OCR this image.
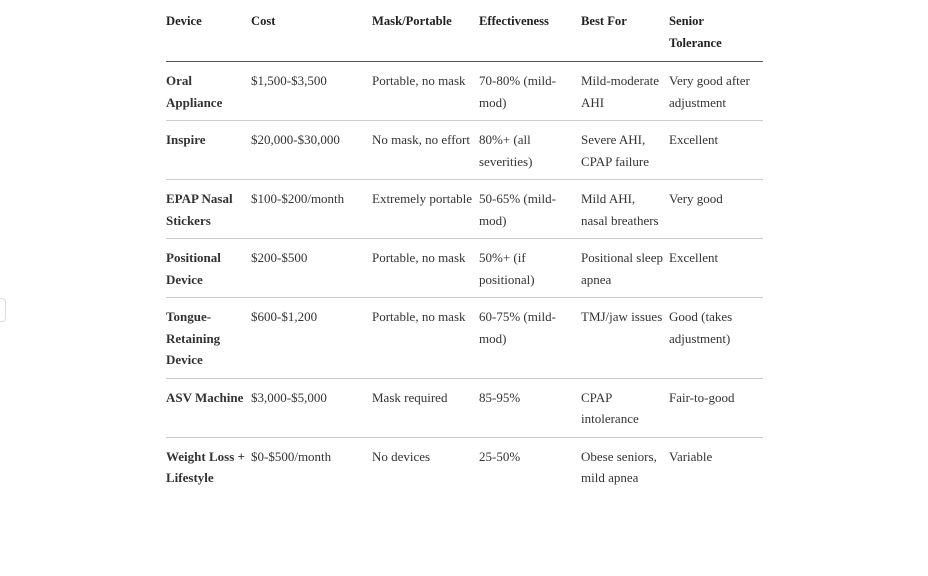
Device	Cost	Mask/Portable	Effectiveness	Best For	Senior Tolerance
Oral Appliance	$1,500-$3,500	Portable, no mask	70-80% (mild-mod)	Mild-moderate AHI	Very good after adjustment
Inspire	$20,000-$30,000	No mask, no effort	80%+ (all severities)	Severe AHI, CPAP failure	Excellent
EPAP Nasal Stickers	$100-$200/month	Extremely portable	50-65% (mild-mod)	Mild AHI, nasal breathers	Very good
Positional Device	$200-$500	Portable, no mask	50%+ (if positional)	Positional sleep apnea	Excellent
Tongue-Retaining Device	$600-$1,200	Portable, no mask	60-75% (mild-mod)	TMJ/jaw issues	Good (takes adjustment)
ASV Machine	$3,000-$5,000	Mask required	85-95%	CPAP intolerance	Fair-to-good
Weight Loss + Lifestyle	$0-$500/month	No devices	25-50%	Obese seniors, mild apnea	Variable
